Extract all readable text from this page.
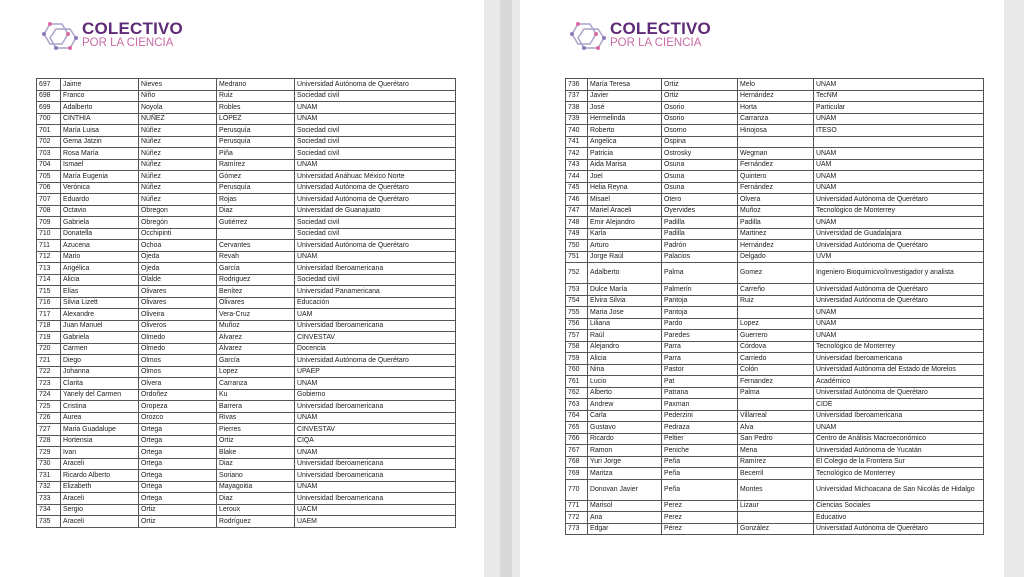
COLECTIVO
POR LA CIENCIA
697	Jaime	Nieves	Medrano	Universidad Autónoma de Querétaro
698	Franco	Niño	Ruiz	Sociedad civil
699	Adalberto	Noyola	Robles	UNAM
700	CINTHIA	NUÑEZ	LOPEZ	UNAM
701	María Luisa	Núñez	Perusquía	Sociedad civil
702	Gema Jatziri	Núñez	Perusquía	Sociedad civil
703	Rosa María	Núñez	Piña	Sociedad civil
704	Ismael	Núñez	Ramírez	UNAM
705	María Eugenia	Núñez	Gómez	Universidad Anáhuac México Norte
706	Verónica	Núñez	Perusquía	Universidad Autónoma de Querétaro
707	Eduardo	Núñez	Rojas	Universidad Autónoma de Querétaro
708	Octavio	Obregon	Diaz	Universidad de Guanajuato
709	Gabriela	Obregón	Gutiérrez	Sociedad civil
710	Donatella	Occhipinti		Sociedad civil
711	Azucena	Ochoa	Cervantes	Universidad Autónoma de Querétaro
712	Mario	Ojeda	Revah	UNAM
713	Angélica	Ojeda	García	Universidad Iberoamericana
714	Alicia	Olalde	Rodriguez	Sociedad civil
715	Elías	Olivares	Benítez	Universidad Panamericana
716	Silvia Lizett	Olivares	Olivares	Educación
717	Alexandre	Oliveira	Vera-Cruz	UAM
718	Juan Manuel	Oliveros	Muñoz	Universidad Iberoamericana
719	Gabriela	Olmedo	Alvarez	CINVESTAV
720	Carmen	Olmedo	Alvarez	Docencia
721	Diego	Olmos	García	Universidad Autónoma de Querétaro
722	Johanna	Olmos	Lopez	UPAEP
723	Clarita	Olvera	Carranza	UNAM
724	Yanely del Carmen	Ordoñez	Ku	Gobierno
725	Cristina	Oropeza	Barrera	Universidad Iberoamericana
726	Aurea	Orozco	Rivas	UNAM
727	Maria Guadalupe	Ortega	Pierres	CINVESTAV
728	Hortensia	Ortega	Ortiz	CIQA
729	Ivan	Ortega	Blake	UNAM
730	Araceli	Ortega	Diaz	Universidad Iberoamericana
731	Ricardo Alberto	Ortega	Soriano	Universidad Iberoamericana
732	Elizabeth	Ortega	Mayagoitia	UNAM
733	Araceli	Ortega	Diaz	Universidad Iberoamericana
734	Sergio	Ortiz	Leroux	UACM
735	Araceli	Ortiz	Rodríguez	UAEM
COLECTIVO
POR LA CIENCIA
736	María Teresa	Ortiz	Melo	UNAM
737	Javier	Ortiz	Hernández	TecNM
738	José	Osorio	Horta	Particular
739	Hermelinda	Osorio	Carranza	UNAM
740	Roberto	Osorno	Hinojosa	ITESO
741	Angelica	Ospina		
742	Patricia	Ostrosky	Wegman	UNAM
743	Aida Marisa	Osuna	Fernández	UAM
744	Joel	Osuna	Quintero	UNAM
745	Helia Reyna	Osuna	Fernández	UNAM
746	Misael	Otero	Olvera	Universidad Autónoma de Querétaro
747	Mariel Araceli	Oyervides	Muñoz	Tecnológico de Monterrey
748	Emir Alejandro	Padilla	Padilla	UNAM
749	Karla	Padilla	Martinez	Universidad de Guadalajara
750	Arturo	Padrón	Hernández	Universidad Autónoma de Querétaro
751	Jorge Raúl	Palacios	Delgado	UVM
752	Adalberto	Palma	Gomez	Ingeniero Bioquimicvo/investigador y analista
753	Dulce María	Palmerín	Carreño	Universidad Autónoma de Querétaro
754	Elvira Silvia	Pantoja	Ruiz	Universidad Autónoma de Querétaro
755	Maria Jose	Pantoja		UNAM
756	Liliana	Pardo	Lopez	UNAM
757	Raúl	Paredes	Guerrero	UNAM
758	Alejandro	Parra	Córdova	Tecnológico de Monterrey
759	Alicia	Parra	Carriedo	Universidad Iberoamericana
760	Nina	Pastor	Colón	Universidad Autónoma del Estado de Morelos
761	Lucio	Pat	Fernandez	Académico
762	Alberto	Patrana	Palma	Universidad Autónoma de Querétaro
763	Andrew	Paxman		CIDE
764	Carla	Pederzini	Villarreal	Universidad Iberoamericana
765	Gustavo	Pedraza	Alva	UNAM
766	Ricardo	Peltier	San Pedro	Centro de Análisis Macroeconómico
767	Ramon	Peniche	Mena	Universidad Autónoma de Yucatán
768	Yuri Jorge	Peña	Ramírez	El Colegio de la Frontera Sur
769	Maritza	Peña	Becerril	Tecnológico de Monterrey
770	Donovan Javier	Peña	Montes	Universidad Michoacana de San Nicolás de Hidalgo
771	Marisol	Perez	Lizaur	Ciencias Sociales
772	Ana	Perez		Educativo
773	Edgar	Pérez	González	Universidad Autónoma de Querétaro
